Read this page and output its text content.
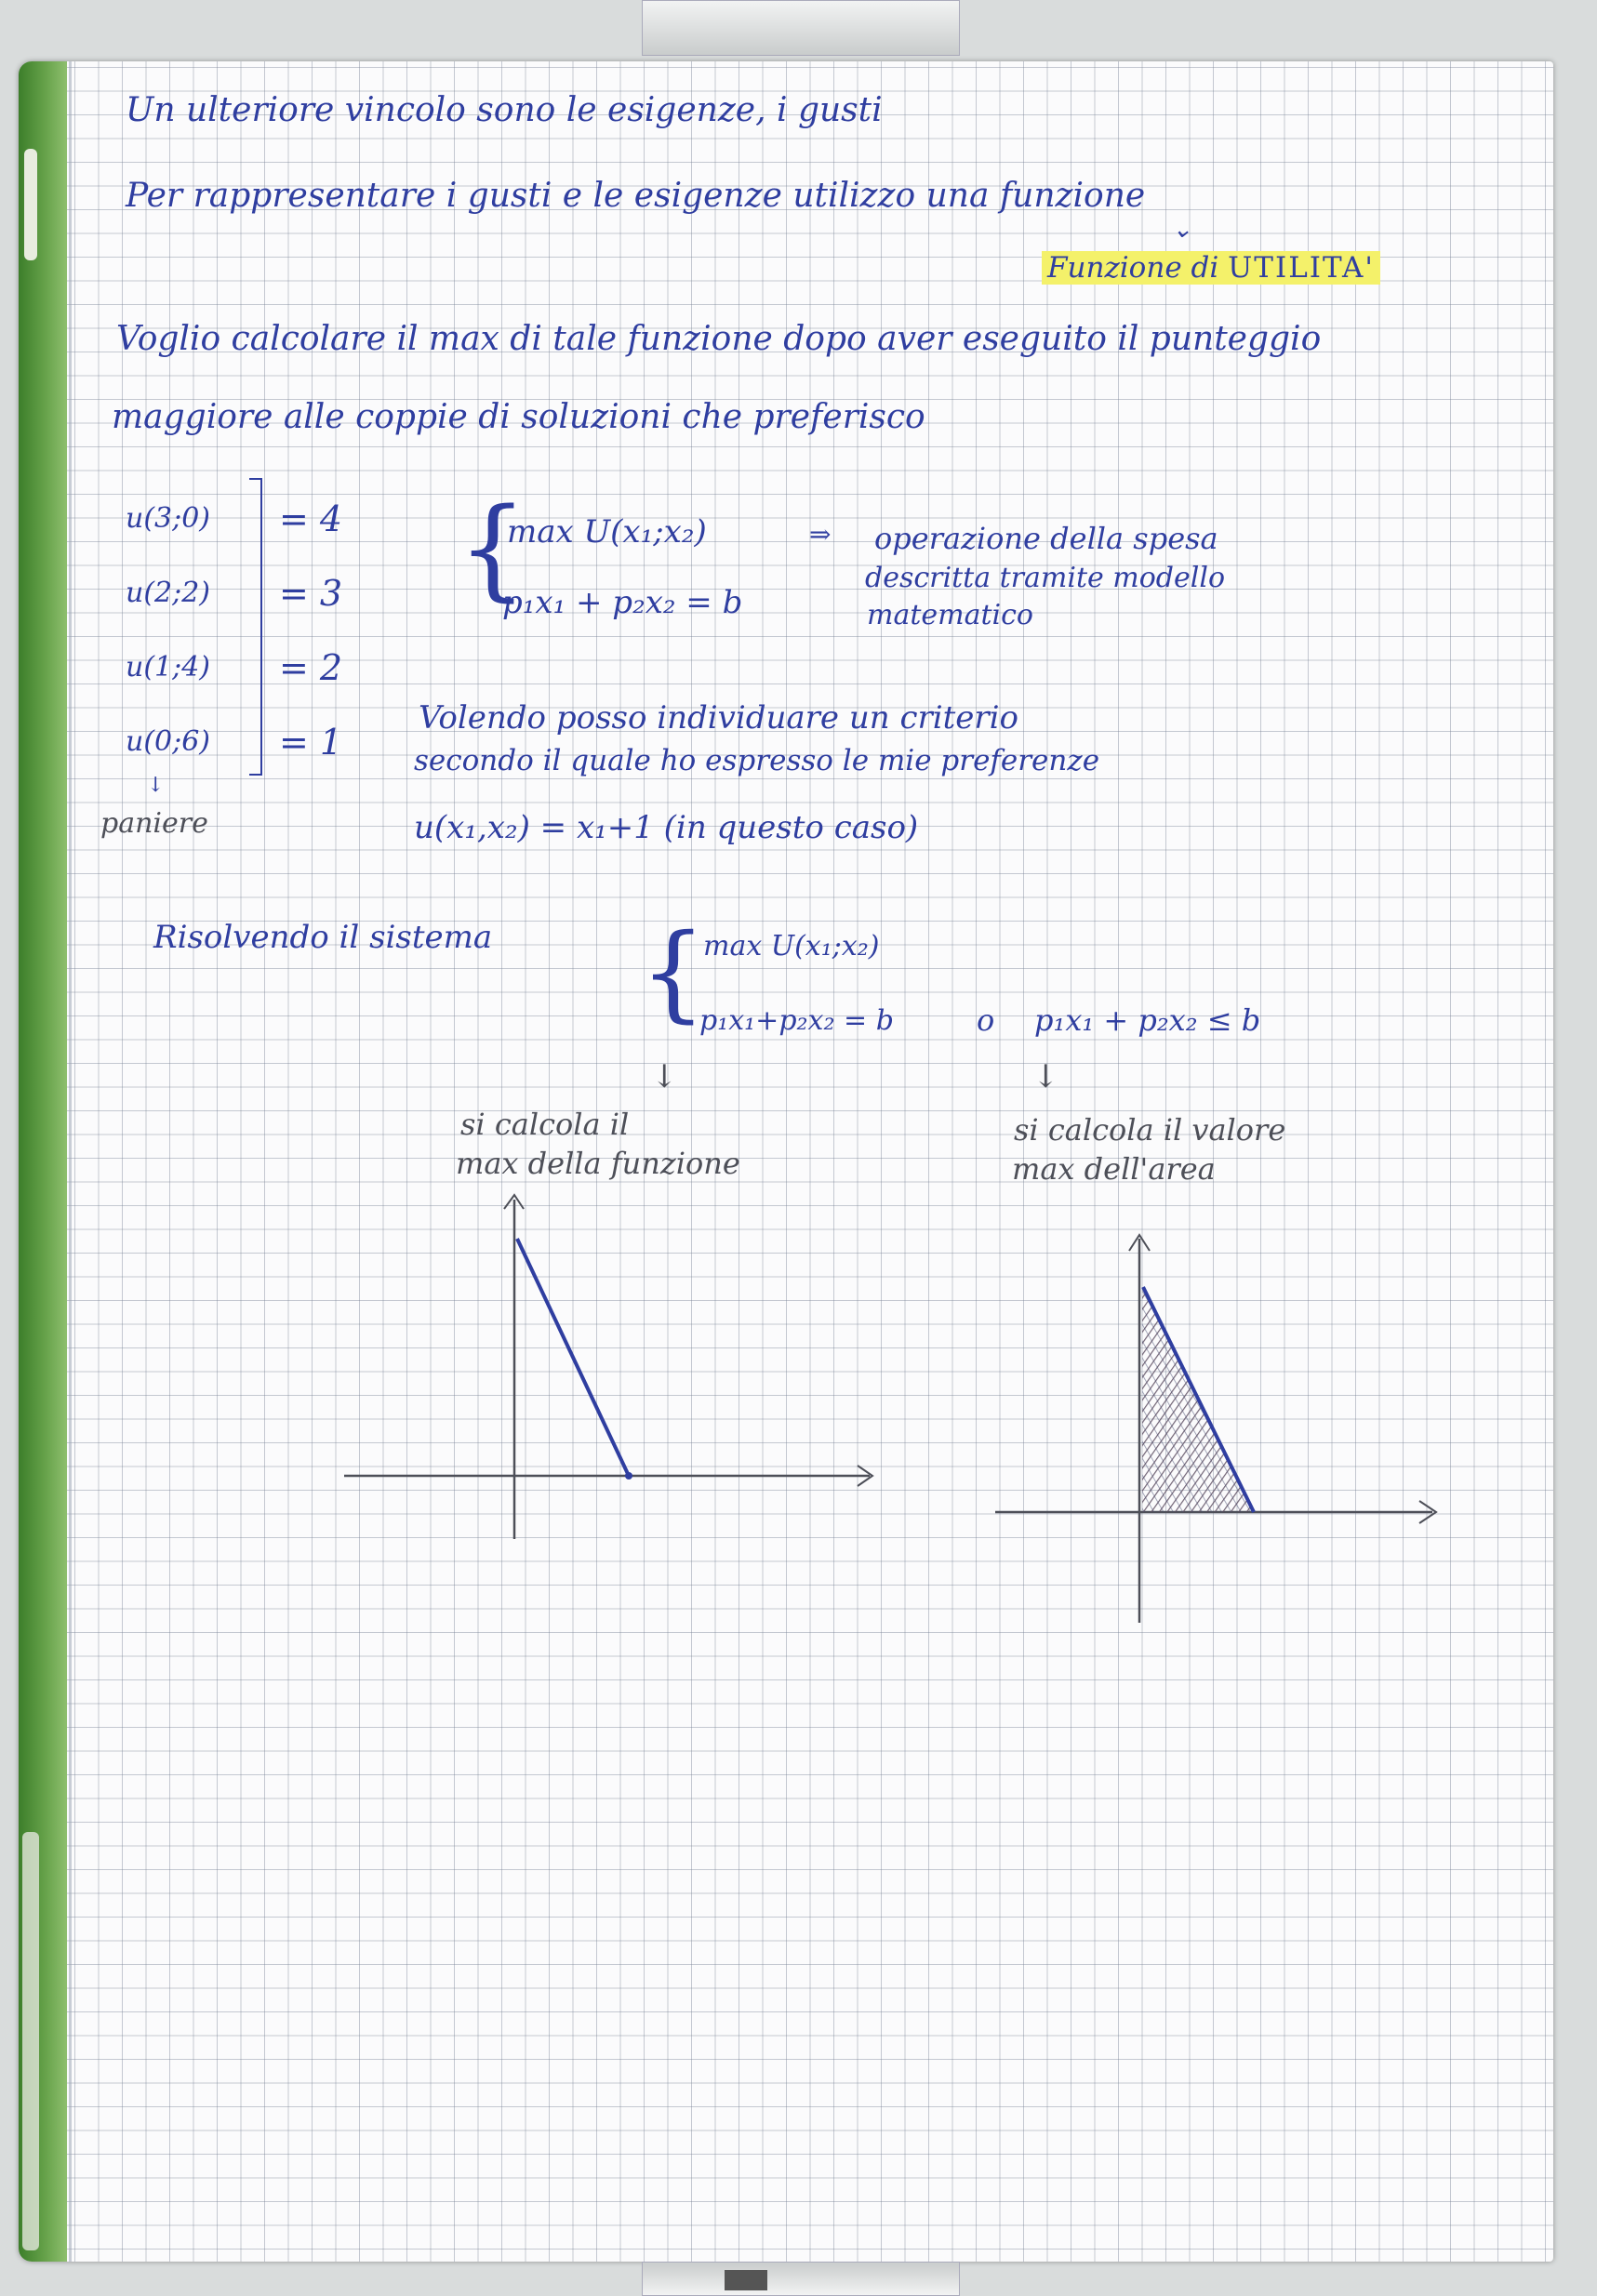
Un ulteriore vincolo sono le esigenze, i gusti
Per rappresentare i gusti e le esigenze utilizzo una funzione
⌄
Funzione di UTILITA'
Voglio calcolare il max di tale funzione dopo aver eseguito il punteggio
maggiore alle coppie di soluzioni che preferisco
u(3;0) = 4
u(2;2) = 3
u(1;4) = 2
u(0;6) = 1
↓
paniere
{
max U(x₁;x₂)
p₁x₁ + p₂x₂ = b
⇒ operazione della spesa
descritta tramite modello
matematico
Volendo posso individuare un criterio
secondo il quale ho espresso le mie preferenze
u(x₁,x₂) = x₁+1 (in questo caso)
Risolvendo il sistema {
max U(x₁;x₂)
p₁x₁+p₂x₂ = b	o p₁x₁ + p₂x₂ ≤ b
↓
si calcola il
max della funzione
↓
si calcola il valore
max dell'area
